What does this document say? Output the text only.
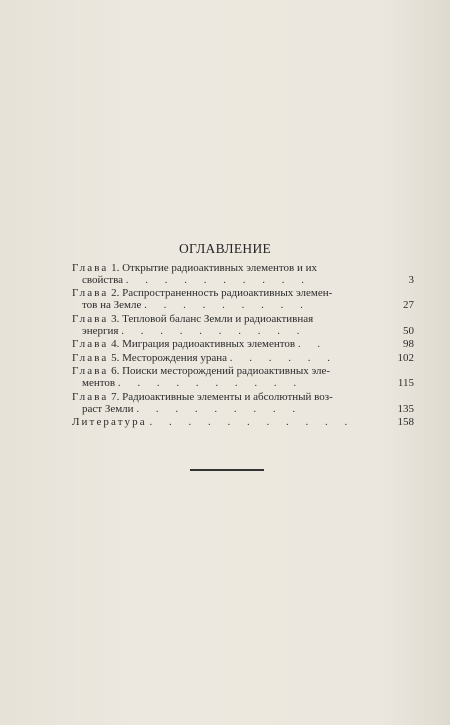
ОГЛАВЛЕНИЕ
Глава 1. Открытие радиоактивных элементов и их
свойства . . . . . . . . . .	3
Глава 2. Распространенность радиоактивных элемен-
тов на Земле . . . . . . . . .	27
Глава 3. Тепловой баланс Земли и радиоактивная
энергия . . . . . . . . . .	50
Глава 4. Миграция радиоактивных элементов . .	98
Глава 5. Месторождения урана . . . . . .	102
Глава 6. Поиски месторождений радиоактивных эле-
ментов . . . . . . . . . .	115
Глава 7. Радиоактивные элементы и абсолютный воз-
раст Земли . . . . . . . . .	135
Литература . . . . . . . . . . .	158
